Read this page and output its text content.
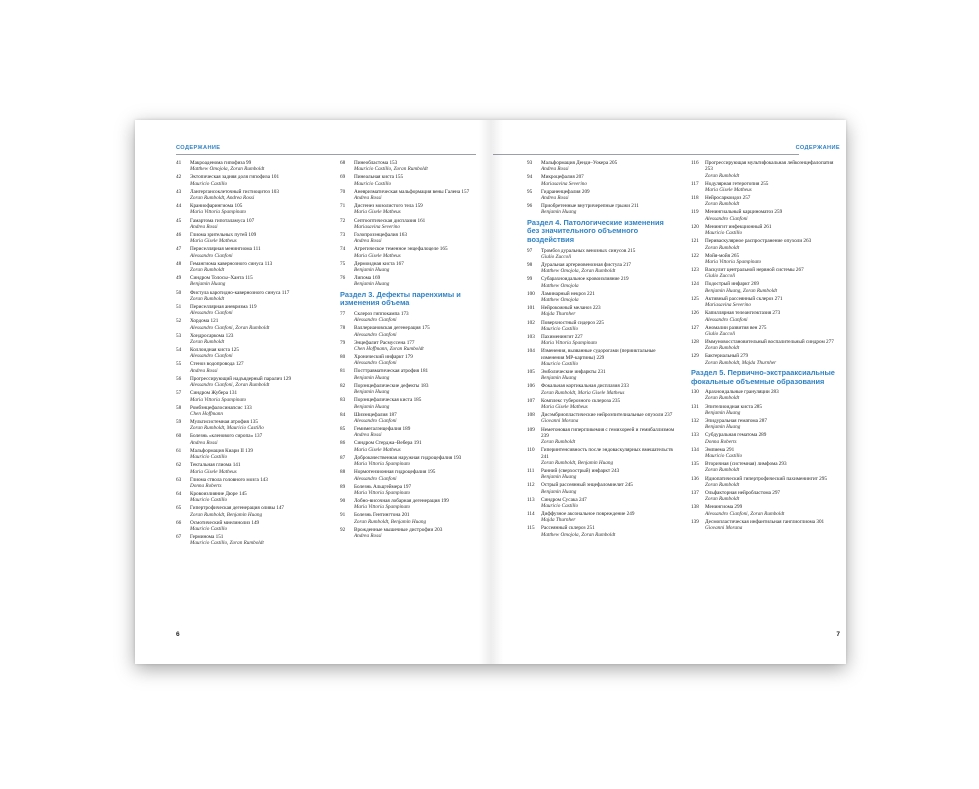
СОДЕРЖАНИЕ
6
СОДЕРЖАНИЕ
7
41	Макроаденома гипофиза 99
Matthew Omojola, Zoran Rumboldt
42	Эктопическая задняя доля гипофиза 101
Mauricio Castillo
43	Лангергансоклеточный гистиоцитоз 103
Zoran Rumboldt, Andrea Rossi
44	Краниофарингиома 105
Maria Vittoria Spampinato
45	Гамартома гипоталамуса 107
Andrea Rossi
46	Глиома зрительных путей 109
Maria Gisele Matheus
47	Периселлярная менингиома 111
Alessandro Cianfoni
48	Гемангиома кавернозного синуса 113
Zoran Rumboldt
49	Синдром Толосы–Ханта 115
Benjamin Huang
50	Фистула каротидно-кавернозного синуса 117
Zoran Rumboldt
51	Периселлярная аневризма 119
Alessandro Cianfoni
52	Хордома 121
Alessandro Cianfoni, Zoran Rumboldt
53	Хондросаркома 123
Zoran Rumboldt
54	Коллоидная киста 125
Alessandro Cianfoni
55	Стеноз водопровода 127
Andrea Rossi
56	Прогрессирующий надъядерный паралич 129
Alessandro Cianfoni, Zoran Rumboldt
57	Синдром Жубера 131
Maria Vittoria Spampinato
58	Ромбэнцефалосинапсис 133
Chen Hoffmann
59	Мультисистемная атрофия 135
Zoran Rumboldt, Mauricio Castillo
60	Болезнь «кленового сиропа» 137
Andrea Rossi
61	Мальформация Киари II 139
Mauricio Castillo
62	Тектальная глиома 141
Maria Gisele Matheus
63	Глиома ствола головного мозга 143
Donna Roberts
64	Кровоизлияние Дюре 145
Mauricio Castillo
65	Гипертрофическая дегенерация оливы 147
Zoran Rumboldt, Benjamin Huang
66	Осмотический миелинолиз 149
Mauricio Castillo
67	Герминома 151
Mauricio Castillo, Zoran Rumboldt
68	Пинеобластома 153
Mauricio Castillo, Zoran Rumboldt
69	Пинеальная киста 155
Mauricio Castillo
70	Аневризматическая мальформация вены Галена 157
Andrea Rossi
71	Дисгенез мозолистого тела 159
Maria Gisele Matheus
72	Септооптическая дисплазия 161
Mariasavina Severino
73	Голопрозэнцефалия 163
Andrea Rossi
74	Агрегическое теменное энцефалоцеле 165
Maria Gisele Matheus
75	Дермоидная киста 167
Benjamin Huang
76	Липома 169
Benjamin Huang
Раздел 3. Дефекты паренхимы и изменения объема
77	Склероз гиппокампа 173
Alessandro Cianfoni
78	Валлериановская дегенерация 175
Alessandro Cianfoni
79	Энцефалит Расмуссена 177
Chen Hoffmann, Zoran Rumboldt
80	Хронический инфаркт 179
Alessandro Cianfoni
81	Посттравматическая атрофия 181
Benjamin Huang
82	Порэнцефалические дефекты 183
Benjamin Huang
83	Порэнцефалическая киста 185
Benjamin Huang
84	Шизэнцефалия 187
Alessandro Cianfoni
85	Гемимегалэнцефалия 189
Andrea Rossi
86	Синдром Стерджа–Вебера 191
Maria Gisele Matheus
87	Доброкачественная наружная гидроцефалия 193
Maria Vittoria Spampinato
88	Нормотензионная гидроцефалия 195
Alessandro Cianfoni
89	Болезнь Альцгеймера 197
Maria Vittoria Spampinato
90	Лобно-височная лобарная дегенерация 199
Maria Vittoria Spampinato
91	Болезнь Гентингтона 201
Zoran Rumboldt, Benjamin Huang
92	Врожденные мышечные дистрофии 203
Andrea Rossi
93	Мальформация Денди–Уокера 205
Andrea Rossi
94	Микроцефалия 207
Mariasavina Severino
95	Гидраненцефалия 209
Andrea Rossi
96	Приобретенные внутричерепные грыжи 211
Benjamin Huang
Раздел 4. Патологические изменения без значительного объемного воздействия
97	Тромбоз дуральных венозных синусов 215
Giulio Zuccoli
98	Дуральная артериовенозная фистула 217
Matthew Omojola, Zoran Rumboldt
99	Субарахноидальное кровоизлияние 219
Matthew Omojola
100	Ламинарный некроз 221
Matthew Omojola
101	Нейрокожный меланоз 223
Majda Thurnher
102	Поверхностный сидероз 225
Mauricio Castillo
103	Пахименингит 227
Maria Vittoria Spampinato
104	Изменения, вызванные судорогами (перииктальные изменения МР-картины) 229
Mauricio Castillo
105	Эмболические инфаркты 231
Benjamin Huang
106	Фокальная кортикальная дисплазия 233
Zoran Rumboldt, Maria Gisele Matheus
107	Комплекс туберозного склероза 235
Maria Gisele Matheus
108	Дисэмбриопластические нейроэпителиальные опухоли 237
Giovanni Morana
109	Неметоновая гипергликемия с гемихореей и гемибаллизмом 239
Zoran Rumboldt
110	Гиперинтенсивность после эндоваскулярных вмешательств 241
Zoran Rumboldt, Benjamin Huang
111	Ранний (сверхострый) инфаркт 243
Benjamin Huang
112	Острый рассеянный энцефаломиелит 245
Benjamin Huang
113	Синдром Сусака 247
Mauricio Castillo
114	Диффузное аксональное повреждение 249
Majda Thurnher
115	Рассеянный склероз 251
Matthew Omojola, Zoran Rumboldt
116	Прогрессирующая мультифокальная лейкоэнцефалопатия 253
Zoran Rumboldt
117	Нодулярная гетеротопия 255
Maria Gisele Matheus
118	Нейросаркоидоз 257
Zoran Rumboldt
119	Менингиальный карциноматоз 259
Alessandro Cianfoni
120	Менингит инфекционный 261
Mauricio Castillo
121	Периваскулярное распространение опухоли 263
Zoran Rumboldt
122	Мойя-мойя 265
Maria Vittoria Spampinato
123	Васкулит центральной нервной системы 267
Giulio Zuccoli
124	Подострый инфаркт 269
Benjamin Huang, Zoran Rumboldt
125	Активный рассеянный склероз 271
Mariasavina Severino
126	Капиллярная телеангиэктазия 273
Alessandro Cianfoni
127	Аномалии развития вен 275
Giulio Zuccoli
128	Иммуновосстановительный воспалительный синдром 277
Zoran Rumboldt
129	Бактериальный 279
Zoran Rumboldt, Majda Thurnher
Раздел 5. Первично-экстрааксиальные фокальные объемные образования
130	Арахноидальные грануляции 283
Zoran Rumboldt
131	Эпителиоидная киста 285
Benjamin Huang
132	Эпидуральная гематома 287
Benjamin Huang
133	Субдуральная гематома 289
Donna Roberts
134	Эмпиема 291
Mauricio Castillo
135	Вторичная (системная) лимфома 293
Zoran Rumboldt
136	Идиопатический гипертрофический пахименингит 295
Zoran Rumboldt
137	Ольфакторная нейробластома 297
Zoran Rumboldt
138	Менингиома 299
Alessandro Cianfoni, Zoran Rumboldt
139	Десмопластическая инфантильная ганглиоглиома 301
Giovanni Morana
